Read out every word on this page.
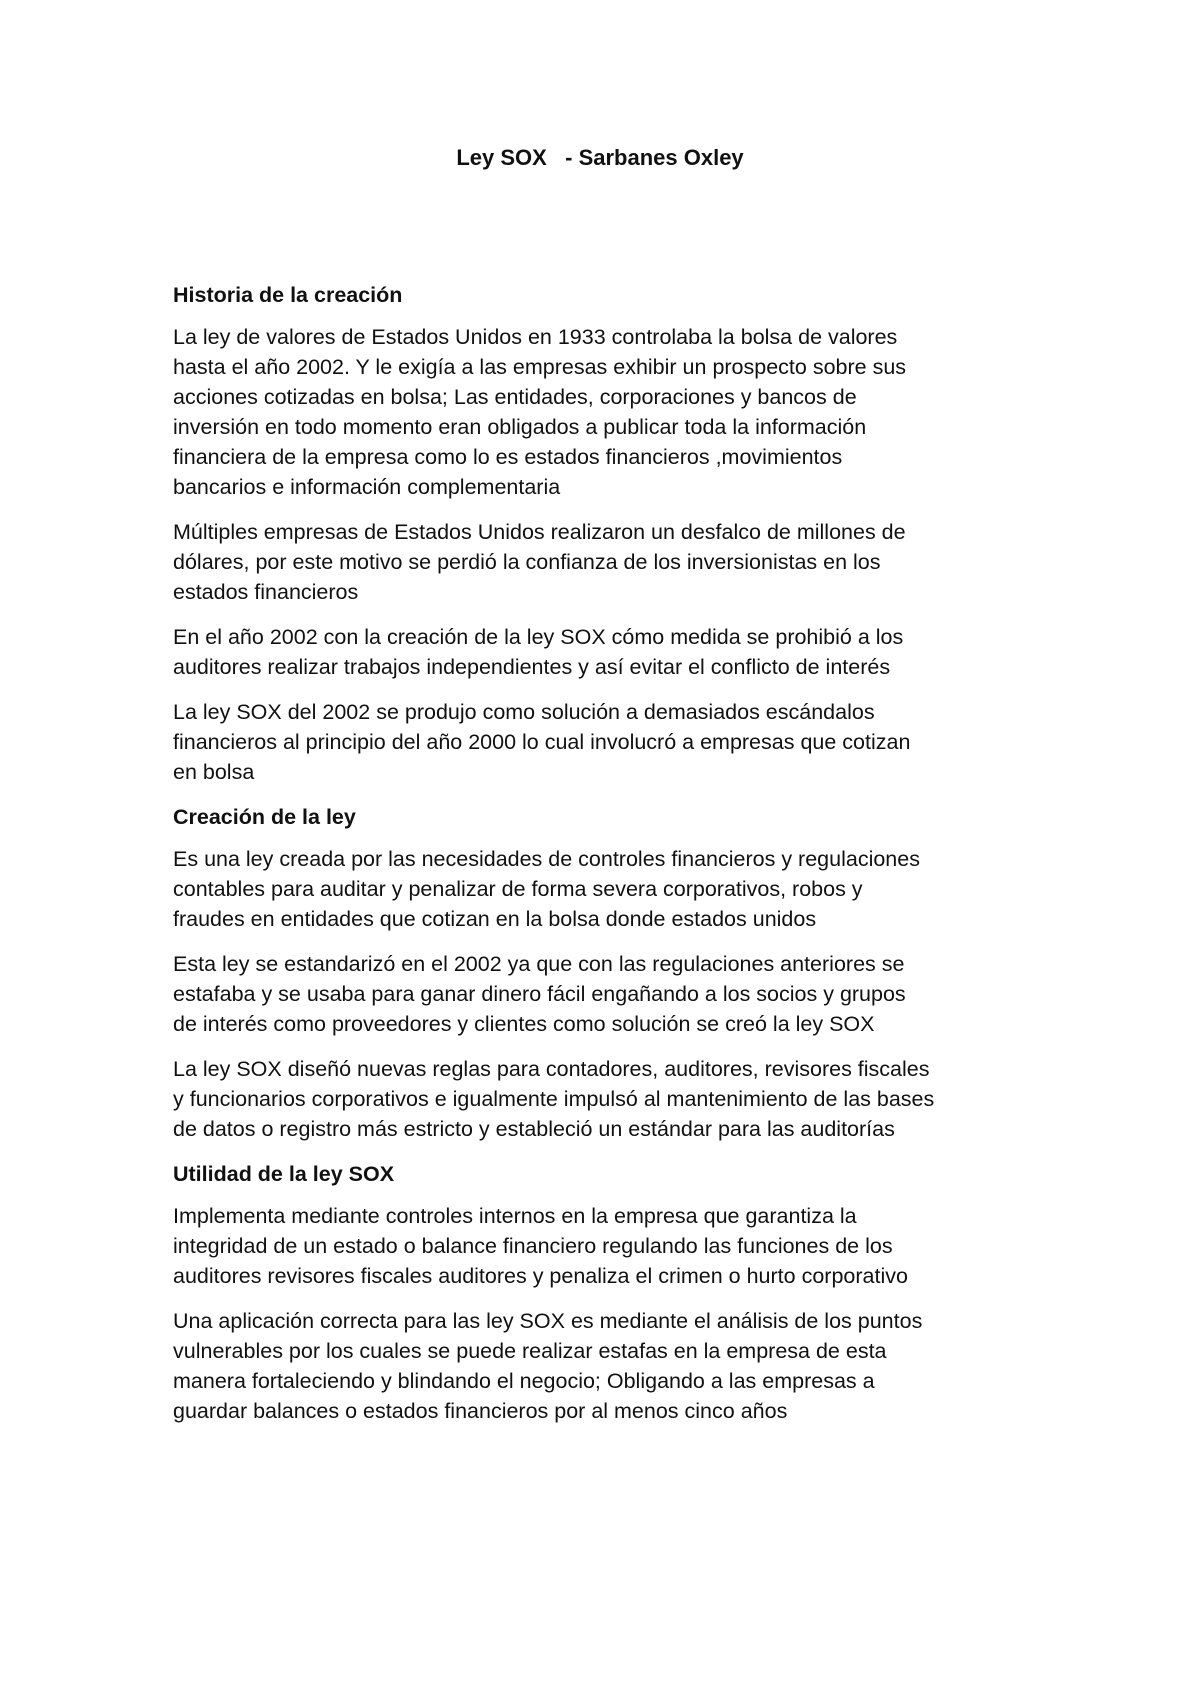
Ley SOX   - Sarbanes Oxley
Historia de la creación

La ley de valores de Estados Unidos en 1933 controlaba la bolsa de valores
hasta el año 2002. Y le exigía a las empresas exhibir un prospecto sobre sus
acciones cotizadas en bolsa; Las entidades, corporaciones y bancos de
inversión en todo momento eran obligados a publicar toda la información
financiera de la empresa como lo es estados financieros ,movimientos
bancarios e información complementaria

Múltiples empresas de Estados Unidos realizaron un desfalco de millones de
dólares, por este motivo se perdió la confianza de los inversionistas en los
estados financieros

En el año 2002 con la creación de la ley SOX cómo medida se prohibió a los
auditores realizar trabajos independientes y así evitar el conflicto de interés

La ley SOX del 2002 se produjo como solución a demasiados escándalos
financieros al principio del año 2000 lo cual involucró a empresas que cotizan
en bolsa

Creación de la ley

Es una ley creada por las necesidades de controles financieros y regulaciones
contables para auditar y penalizar de forma severa corporativos, robos y
fraudes en entidades que cotizan en la bolsa donde estados unidos

Esta ley se estandarizó en el 2002 ya que con las regulaciones anteriores se
estafaba y se usaba para ganar dinero fácil engañando a los socios y grupos
de interés como proveedores y clientes como solución se creó la ley SOX

La ley SOX diseñó nuevas reglas para contadores, auditores, revisores fiscales
y funcionarios corporativos e igualmente impulsó al mantenimiento de las bases
de datos o registro más estricto y estableció un estándar para las auditorías

Utilidad de la ley SOX

Implementa mediante controles internos en la empresa que garantiza la
integridad de un estado o balance financiero regulando las funciones de los
auditores revisores fiscales auditores y penaliza el crimen o hurto corporativo

Una aplicación correcta para las ley SOX es mediante el análisis de los puntos
vulnerables por los cuales se puede realizar estafas en la empresa de esta
manera fortaleciendo y blindando el negocio; Obligando a las empresas a
guardar balances o estados financieros por al menos cinco años
